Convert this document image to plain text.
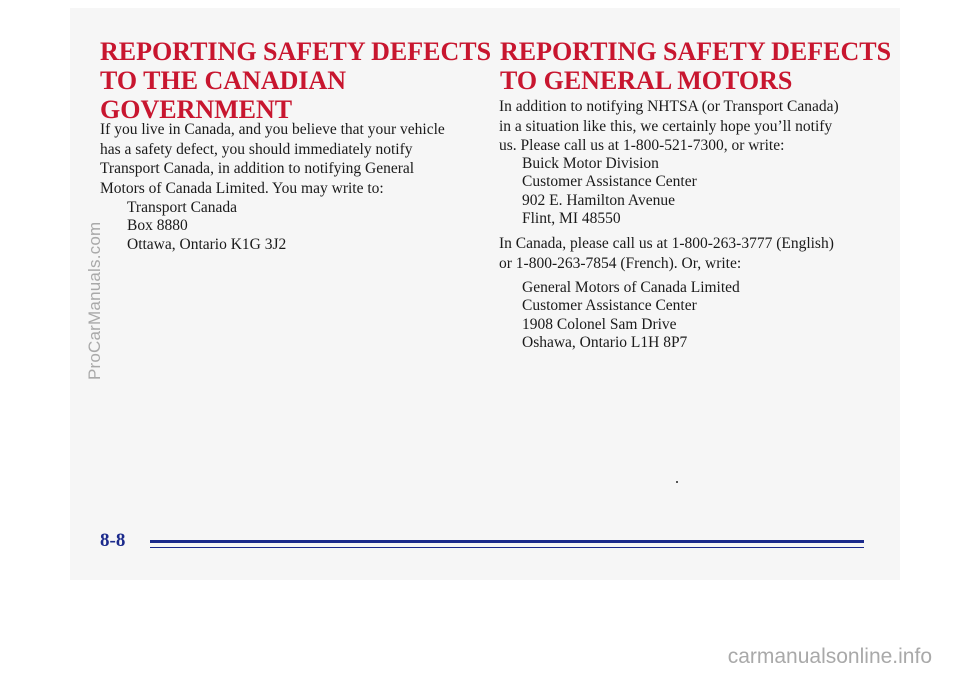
REPORTING SAFETY DEFECTS
TO THE CANADIAN
GOVERNMENT

If you live in Canada, and you believe that your vehicle
has a safety defect, you should immediately notify
Transport Canada, in addition to notifying General
Motors of Canada Limited. You may write to:

Transport Canada
Box 8880
Ottawa, Ontario K1G 3J2

REPORTING SAFETY DEFECTS
TO GENERAL MOTORS

In addition to notifying NHTSA (or Transport Canada)
in a situation like this, we certainly hope you’ll notify
us. Please call us at 1-800-521-7300, or write:

Buick Motor Division
Customer Assistance Center
902 E. Hamilton Avenue
Flint, MI 48550

In Canada, please call us at 1-800-263-3777 (English)
or 1-800-263-7854 (French). Or, write:

General Motors of Canada Limited
Customer Assistance Center
1908 Colonel Sam Drive
Oshawa, Ontario L1H 8P7

8-8
ProCarManuals.com
carmanualsonline.info
